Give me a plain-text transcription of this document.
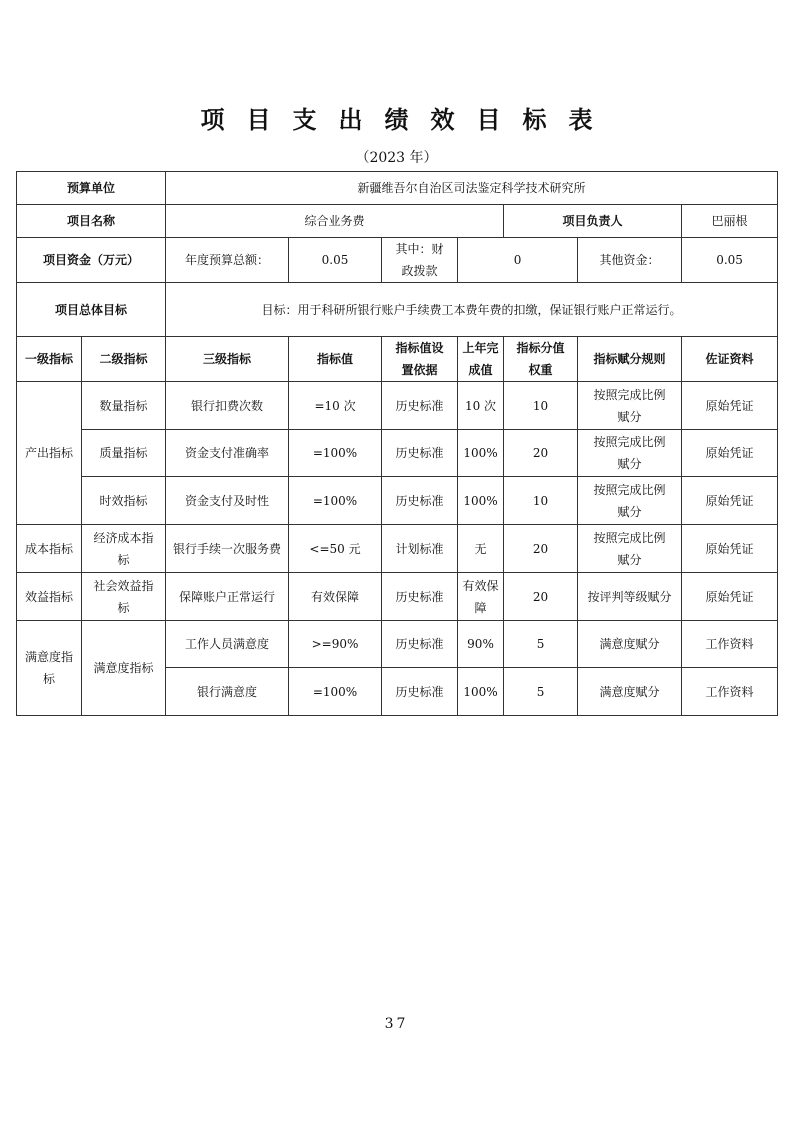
项目支出绩效目标表
（2023 年）
预算单位		新疆维吾尔自治区司法鉴定科学技术研究所						
项目名称		综合业务费				项目负责人		巴丽根
项目资金（万元）		年度预算总额：	0.05	其中：财政拨款	0		其他资金：	0.05
项目总体目标		目标：用于科研所银行账户手续费工本费年费的扣缴，保证银行账户正常运行。						
一级指标	二级指标	三级指标	指标值	指标值设置依据	上年完成值	指标分值权重	指标赋分规则	佐证资料
产出指标	数量指标	银行扣费次数	=10 次	历史标准	10 次	10	按照完成比例赋分	原始凭证
	质量指标	资金支付准确率	=100%	历史标准	100%	20	按照完成比例赋分	原始凭证
	时效指标	资金支付及时性	=100%	历史标准	100%	10	按照完成比例赋分	原始凭证
成本指标	经济成本指标	银行手续一次服务费	<=50 元	计划标准	无	20	按照完成比例赋分	原始凭证
效益指标	社会效益指标	保障账户正常运行	有效保障	历史标准	有效保障	20	按评判等级赋分	原始凭证
满意度指标	满意度指标	工作人员满意度	>=90%	历史标准	90%	5	满意度赋分	工作资料
		银行满意度	=100%	历史标准	100%	5	满意度赋分	工作资料
37
